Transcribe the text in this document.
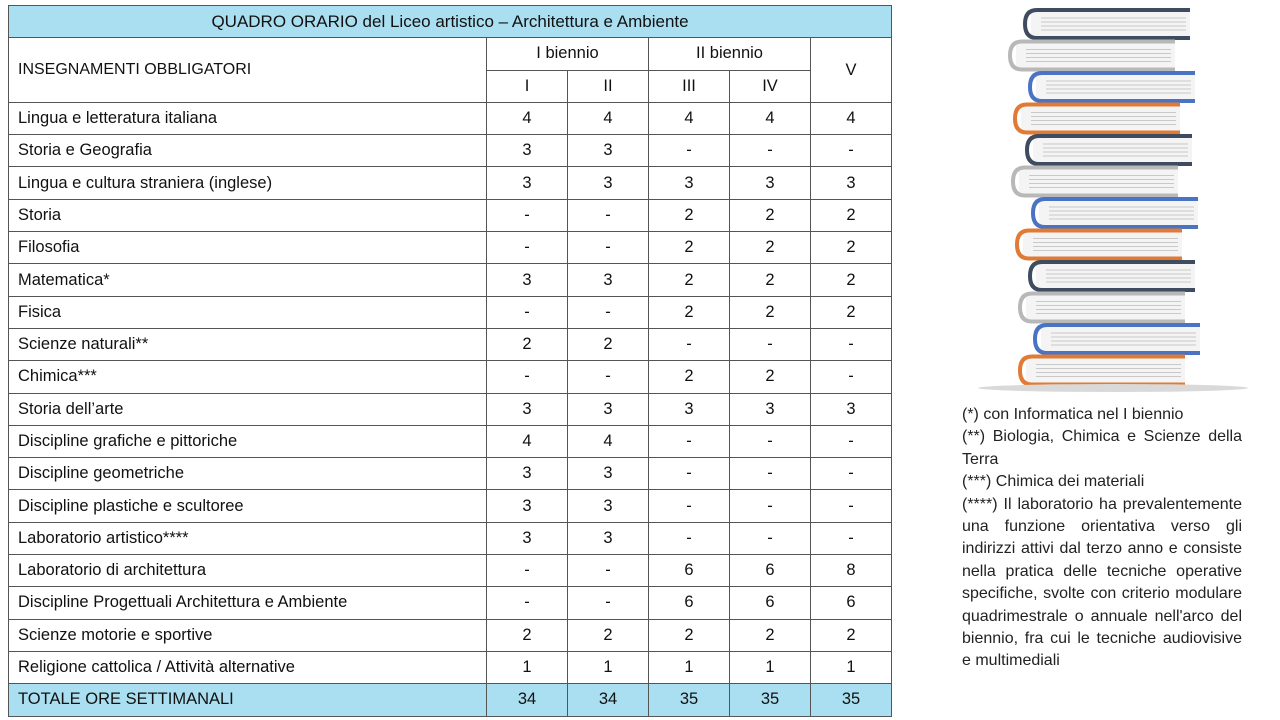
QUADRO ORARIO del Liceo artistico – Architettura e Ambiente					
INSEGNAMENTI OBBLIGATORI	I biennio		II biennio		V
	I	II	III	IV	
Lingua e letteratura italiana	4	4	4	4	4
Storia e Geografia	3	3	-	-	-
Lingua e cultura straniera (inglese)	3	3	3	3	3
Storia	-	-	2	2	2
Filosofia	-	-	2	2	2
Matematica*	3	3	2	2	2
Fisica	-	-	2	2	2
Scienze naturali**	2	2	-	-	-
Chimica***	-	-	2	2	-
Storia dell’arte	3	3	3	3	3
Discipline grafiche e pittoriche	4	4	-	-	-
Discipline geometriche	3	3	-	-	-
Discipline plastiche e scultoree	3	3	-	-	-
Laboratorio artistico****	3	3	-	-	-
Laboratorio di architettura	-	-	6	6	8
Discipline Progettuali Architettura e Ambiente	-	-	6	6	6
Scienze motorie e sportive	2	2	2	2	2
Religione cattolica / Attività alternative	1	1	1	1	1
TOTALE ORE SETTIMANALI	34	34	35	35	35

(*) con Informatica nel I biennio

(**) Biologia, Chimica e Scienze della Terra

(***) Chimica dei materiali

(****) Il laboratorio ha prevalentemente una funzione orientativa verso gli indirizzi attivi dal terzo anno e consiste nella pratica delle tecniche operative specifiche, svolte con criterio modulare quadrimestrale o annuale nell'arco del biennio, fra cui le tecniche audiovisive e multimediali
